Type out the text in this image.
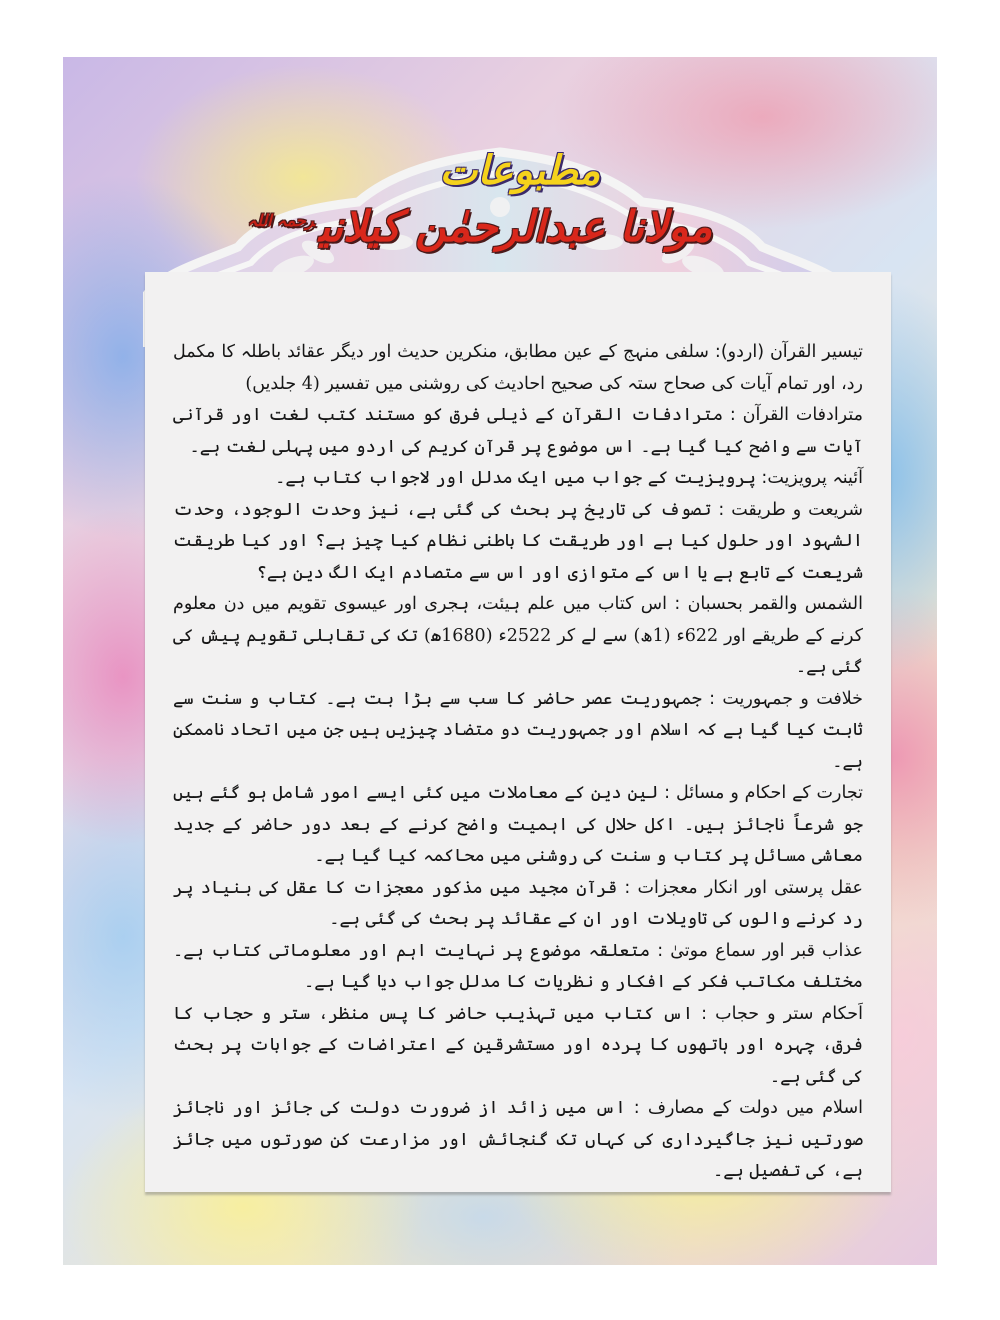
مطبوعات
مولانا عبدالرحمٰن کیلانی$^{رحمہ اللہ}$

تیسیر القرآن (اردو): سلفی منہج کے عین مطابق، منکرین حدیث اور دیگر عقائد باطلہ کا مکمل رد، اور تمام آیات کی صحاح ستہ کی صحیح احادیث کی روشنی میں تفسیر (4 جلدیں)

مترادفات القرآن : مترادفات القرآن کے ذیلی فرق کو مستند کتب لغت اور قرآنی آیات سے واضح کیا گیا ہے۔ اس موضوع پر قرآن کریم کی اردو میں پہلی لغت ہے۔

آئینہ پرویزیت: پرویزیت کے جواب میں ایک مدلل اور لاجواب کتاب ہے۔

شریعت و طریقت : تصوف کی تاریخ پر بحث کی گئی ہے، نیز وحدت الوجود، وحدت الشہود اور حلول کیا ہے اور طریقت کا باطنی نظام کیا چیز ہے؟ اور کیا طریقت شریعت کے تابع ہے یا اس کے متوازی اور اس سے متصادم ایک الگ دین ہے؟

الشمس والقمر بحسبان : اس کتاب میں علم ہیئت، ہجری اور عیسوی تقویم میں دن معلوم کرنے کے طریقے اور 622ء (1ھ) سے لے کر 2522ء (1680ھ) تک کی تقابلی تقویم پیش کی گئی ہے۔

خلافت و جمہوریت : جمہوریت عصر حاضر کا سب سے بڑا بت ہے۔ کتاب و سنت سے ثابت کیا گیا ہے کہ اسلام اور جمہوریت دو متضاد چیزیں ہیں جن میں اتحاد ناممکن ہے۔

تجارت کے احکام و مسائل : لین دین کے معاملات میں کئی ایسے امور شامل ہو گئے ہیں جو شرعاً ناجائز ہیں۔ اکل حلال کی اہمیت واضح کرنے کے بعد دور حاضر کے جدید معاشی مسائل پر کتاب و سنت کی روشنی میں محاکمہ کیا گیا ہے۔

عقل پرستی اور انکار معجزات : قرآن مجید میں مذکور معجزات کا عقل کی بنیاد پر رد کرنے والوں کی تاویلات اور ان کے عقائد پر بحث کی گئی ہے۔

عذاب قبر اور سماع موتیٰ : متعلقہ موضوع پر نہایت اہم اور معلوماتی کتاب ہے۔ مختلف مکاتب فکر کے افکار و نظریات کا مدلل جواب دیا گیا ہے۔

اَحکام ستر و حجاب : اس کتاب میں تہذیب حاضر کا پس منظر، ستر و حجاب کا فرق، چہرہ اور ہاتھوں کا پردہ اور مستشرقین کے اعتراضات کے جوابات پر بحث کی گئی ہے۔

اسلام میں دولت کے مصارف : اس میں زائد از ضرورت دولت کی جائز اور ناجائز صورتیں نیز جاگیرداری کی کہاں تک گنجائش اور مزارعت کن صورتوں میں جائز ہے، کی تفصیل ہے۔
